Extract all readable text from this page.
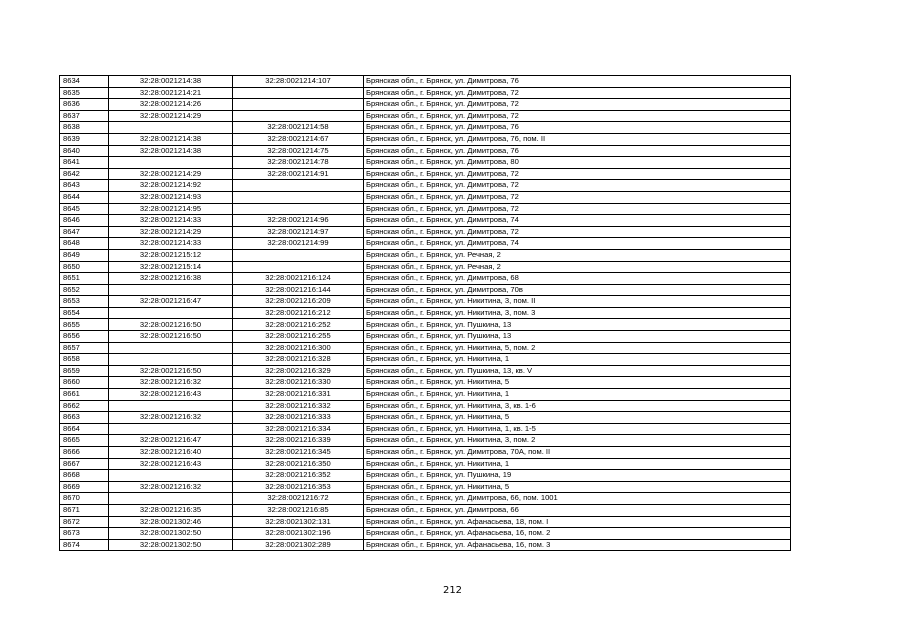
8634	32:28:0021214:38	32:28:0021214:107	Брянская обл., г. Брянск, ул. Димитрова, 76
8635	32:28:0021214:21		Брянская обл., г. Брянск, ул. Димитрова, 72
8636	32:28:0021214:26		Брянская обл., г. Брянск, ул. Димитрова, 72
8637	32:28:0021214:29		Брянская обл., г. Брянск, ул. Димитрова, 72
8638		32:28:0021214:58	Брянская обл., г. Брянск, ул. Димитрова, 76
8639	32:28:0021214:38	32:28:0021214:67	Брянская обл., г. Брянск, ул. Димитрова, 76, пом. II
8640	32:28:0021214:38	32:28:0021214:75	Брянская обл., г. Брянск, ул. Димитрова, 76
8641		32:28:0021214:78	Брянская обл., г. Брянск, ул. Димитрова, 80
8642	32:28:0021214:29	32:28:0021214:91	Брянская обл., г. Брянск, ул. Димитрова, 72
8643	32:28:0021214:92		Брянская обл., г. Брянск, ул. Димитрова, 72
8644	32:28:0021214:93		Брянская обл., г. Брянск, ул. Димитрова, 72
8645	32:28:0021214:95		Брянская обл., г. Брянск, ул. Димитрова, 72
8646	32:28:0021214:33	32:28:0021214:96	Брянская обл., г. Брянск, ул. Димитрова, 74
8647	32:28:0021214:29	32:28:0021214:97	Брянская обл., г. Брянск, ул. Димитрова, 72
8648	32:28:0021214:33	32:28:0021214:99	Брянская обл., г. Брянск, ул. Димитрова, 74
8649	32:28:0021215:12		Брянская обл., г. Брянск, ул. Речная, 2
8650	32:28:0021215:14		Брянская обл., г. Брянск, ул. Речная, 2
8651	32:28:0021216:38	32:28:0021216:124	Брянская обл., г. Брянск, ул. Димитрова, 68
8652		32:28:0021216:144	Брянская обл., г. Брянск, ул. Димитрова, 70в
8653	32:28:0021216:47	32:28:0021216:209	Брянская обл., г. Брянск, ул. Никитина, 3, пом. II
8654		32:28:0021216:212	Брянская обл., г. Брянск, ул. Никитина, 3, пом. 3
8655	32:28:0021216:50	32:28:0021216:252	Брянская обл., г. Брянск, ул. Пушкина, 13
8656	32:28:0021216:50	32:28:0021216:255	Брянская обл., г. Брянск, ул. Пушкина, 13
8657		32:28:0021216:300	Брянская обл., г. Брянск, ул. Никитина, 5, пом. 2
8658		32:28:0021216:328	Брянская обл., г. Брянск, ул. Никитина, 1
8659	32:28:0021216:50	32:28:0021216:329	Брянская обл., г. Брянск, ул. Пушкина, 13, кв. V
8660	32:28:0021216:32	32:28:0021216:330	Брянская обл., г. Брянск, ул. Никитина, 5
8661	32:28:0021216:43	32:28:0021216:331	Брянская обл., г. Брянск, ул. Никитина, 1
8662		32:28:0021216:332	Брянская обл., г. Брянск, ул. Никитина, 3, кв. 1-6
8663	32:28:0021216:32	32:28:0021216:333	Брянская обл., г. Брянск, ул. Никитина, 5
8664		32:28:0021216:334	Брянская обл., г. Брянск, ул. Никитина, 1, кв. 1-5
8665	32:28:0021216:47	32:28:0021216:339	Брянская обл., г. Брянск, ул. Никитина, 3, пом. 2
8666	32:28:0021216:40	32:28:0021216:345	Брянская обл., г. Брянск, ул. Димитрова, 70А, пом. II
8667	32:28:0021216:43	32:28:0021216:350	Брянская обл., г. Брянск, ул. Никитина, 1
8668		32:28:0021216:352	Брянская обл., г. Брянск, ул. Пушкина, 19
8669	32:28:0021216:32	32:28:0021216:353	Брянская обл., г. Брянск, ул. Никитина, 5
8670		32:28:0021216:72	Брянская обл., г. Брянск, ул. Димитрова, 66, пом. 1001
8671	32:28:0021216:35	32:28:0021216:85	Брянская обл., г. Брянск, ул. Димитрова, 66
8672	32:28:0021302:46	32:28:0021302:131	Брянская обл., г. Брянск, ул. Афанасьева, 18, пом. I
8673	32:28:0021302:50	32:28:0021302:196	Брянская обл., г. Брянск, ул. Афанасьева, 16, пом. 2
8674	32:28:0021302:50	32:28:0021302:289	Брянская обл., г. Брянск, ул. Афанасьева, 16, пом. 3
212
